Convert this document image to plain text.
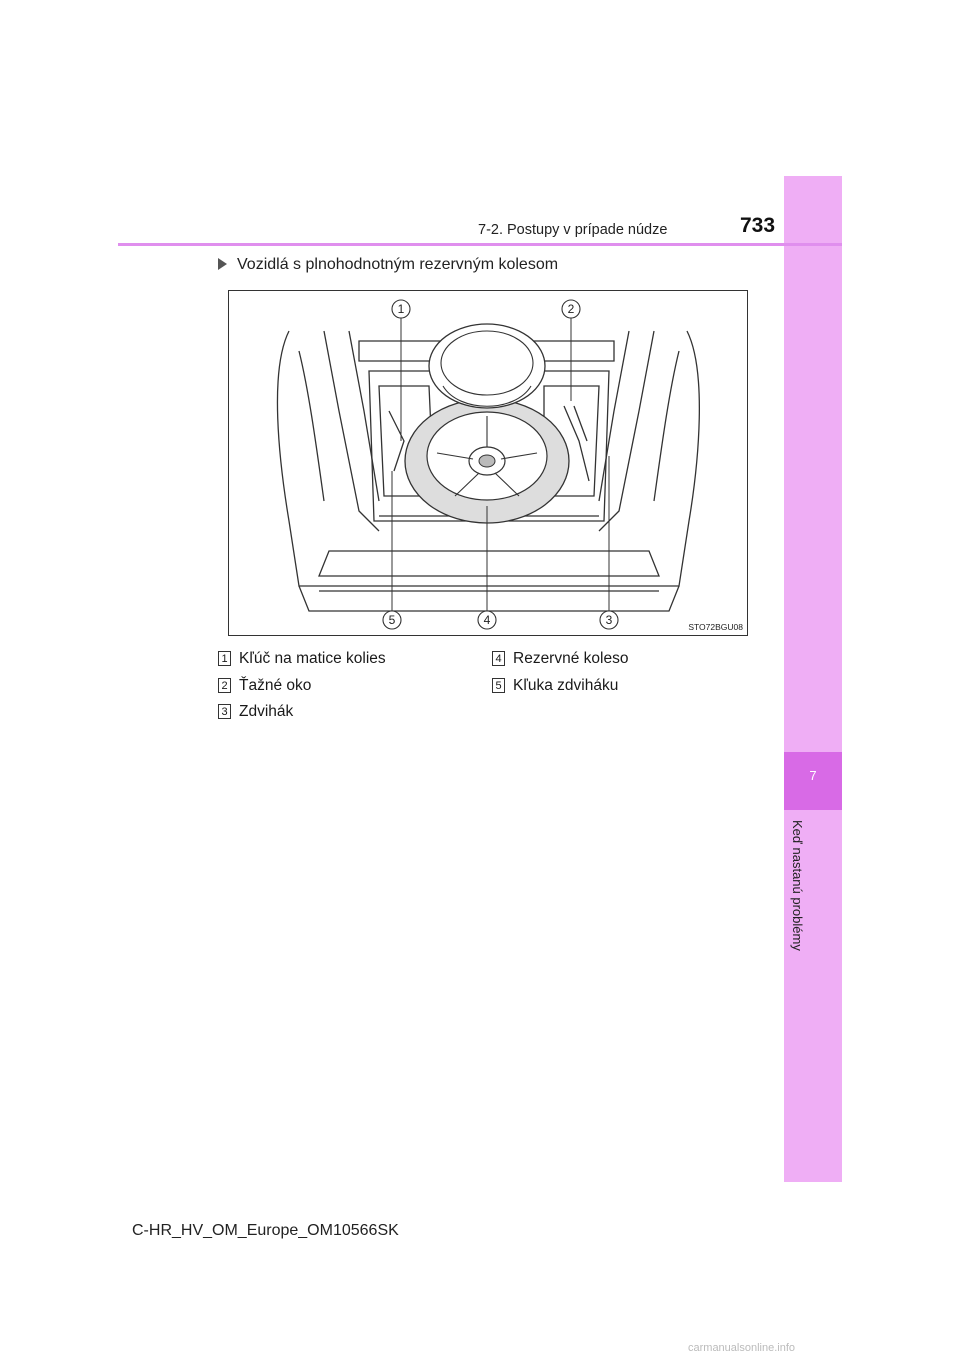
7
Keď nastanú problémy
7-2. Postupy v prípade núdze	733
Vozidlá s plnohodnotným rezervným kolesom
1	2
5	4	3	STO72BGU08
1 Kľúč na matice kolies
2 Ťažné oko
3 Zdvihák
4 Rezervné koleso
5 Kľuka zdviháku
C-HR_HV_OM_Europe_OM10566SK
carmanualsonline.info
